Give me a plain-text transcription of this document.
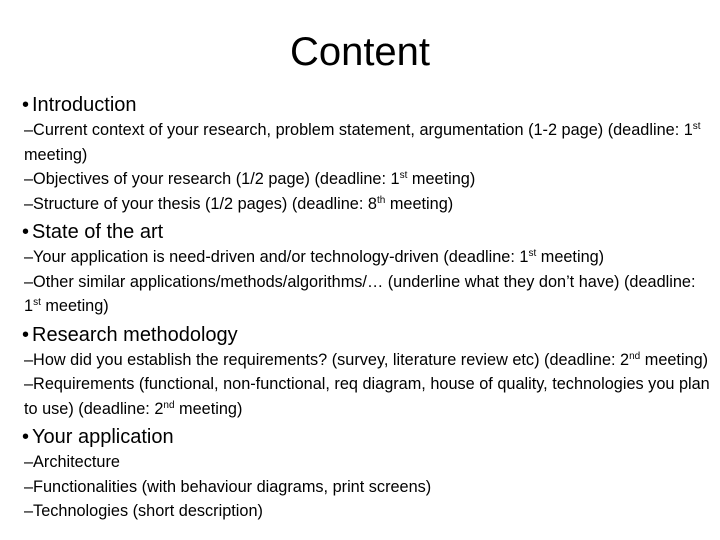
Content
• Introduction
–Current context of your research, problem statement, argumentation (1-2 page) (deadline: 1st meeting)
–Objectives of your research (1/2 page) (deadline: 1st meeting)
–Structure of your thesis (1/2 pages) (deadline: 8th meeting)
• State of the art
–Your application is need-driven and/or technology-driven (deadline: 1st meeting)
–Other similar applications/methods/algorithms/… (underline what they don’t have) (deadline: 1st meeting)
• Research methodology
–How did you establish the requirements? (survey, literature review etc) (deadline: 2nd meeting)
–Requirements (functional, non-functional, req diagram, house of quality, technologies you plan to use) (deadline: 2nd meeting)
• Your application
–Architecture
–Functionalities (with behaviour diagrams, print screens)
–Technologies (short description)
